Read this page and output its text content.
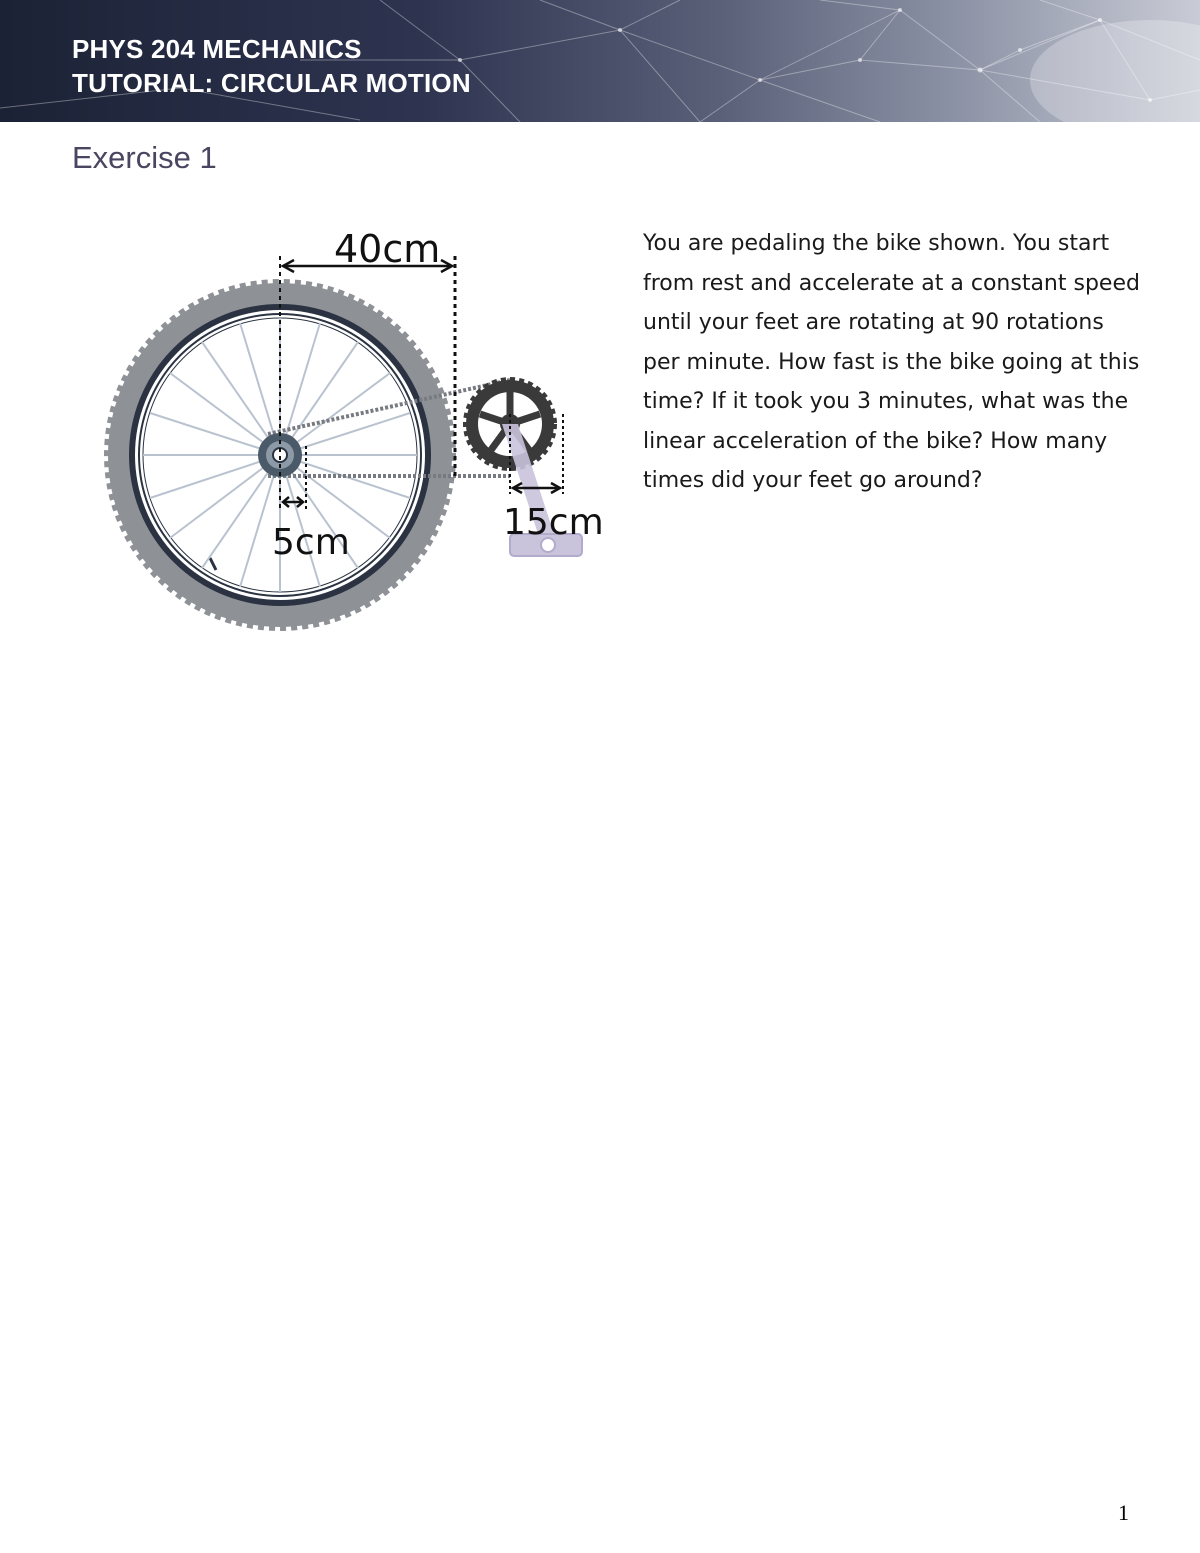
PHYS 204 MECHANICS
TUTORIAL: CIRCULAR MOTION
Exercise 1
40cm
5cm	15cm

You are pedaling the bike shown. You start from rest and accelerate at a constant speed until your feet are rotating at 90 rotations per minute. How fast is the bike going at this time? If it took you 3 minutes, what was the linear acceleration of the bike? How many times did your feet go around?

1
